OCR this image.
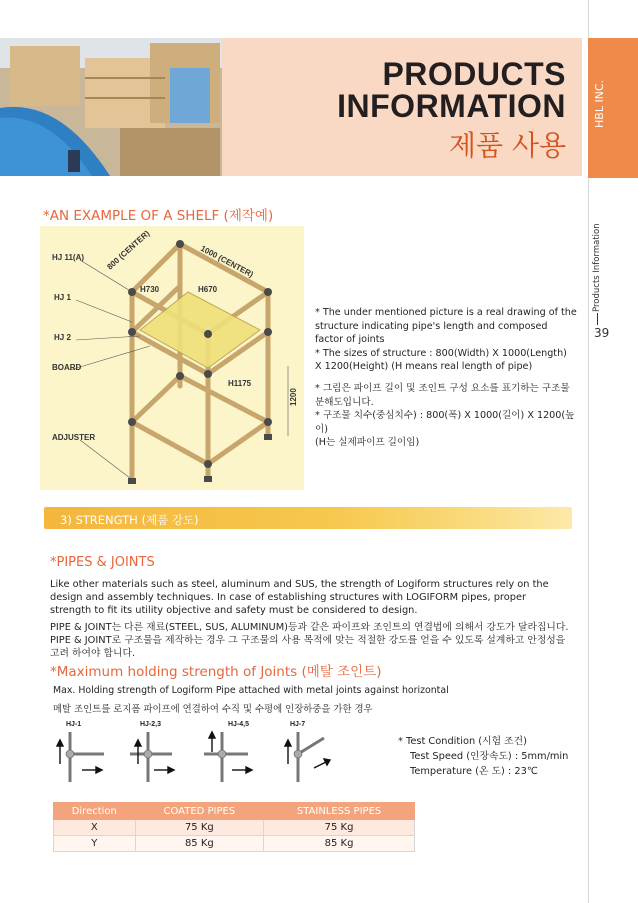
PRODUCTS
INFORMATION
제품 사용
HBL INC.
Products Information
39
*AN EXAMPLE OF A SHELF (제작예)
HJ 11(A)
HJ 1
HJ 2
BOARD
ADJUSTER
800 (CENTER)	1000 (CENTER)
H730	H670
H1175
1200
* The under mentioned picture is a real drawing of the
structure indicating pipe's length and composed
factor of joints
* The sizes of structure : 800(Width) X 1000(Length)
X 1200(Height) (H means real length of pipe)
* 그림은 파이프 길이 및 조인트 구성 요소를 표기하는 구조물
분해도입니다.
* 구조물 치수(중심치수) : 800(폭) X 1000(길이) X 1200(높이)
(H는 실제파이프 길이임)
3) STRENGTH (제품 강도)
*PIPES & JOINTS
Like other materials such as steel, aluminum and SUS, the strength of Logiform structures rely on the design and assembly techniques. In case of establishing structures with LOGIFORM pipes, proper strength to fit its utility objective and safety must be considered to design.
PIPE & JOINT는 다른 재료(STEEL, SUS, ALUMINUM)등과 같은 파이프와 조인트의 연결법에 의해서 강도가 달라집니다. PIPE & JOINT로 구조물을 제작하는 경우 그 구조물의 사용 목적에 맞는 적절한 강도를 얻을 수 있도록 설계하고 안정성을 고려 하여야 합니다.
*Maximum holding strength of Joints (메탈 조인트)
Max. Holding strength of Logiform Pipe attached with metal joints against horizontal
메탈 조인트를 로지폼 파이프에 연결하여 수직 및 수평에 인장하중을 가한 경우
HJ-1	HJ-2,3	HJ-4,5	HJ-7
* Test Condition (시험 조건)
Test Speed (인장속도) : 5mm/min
Temperature (온 도) : 23℃
Direction	COATED PIPES	STAINLESS PIPES
X	75 Kg	75 Kg
Y	85 Kg	85 Kg
